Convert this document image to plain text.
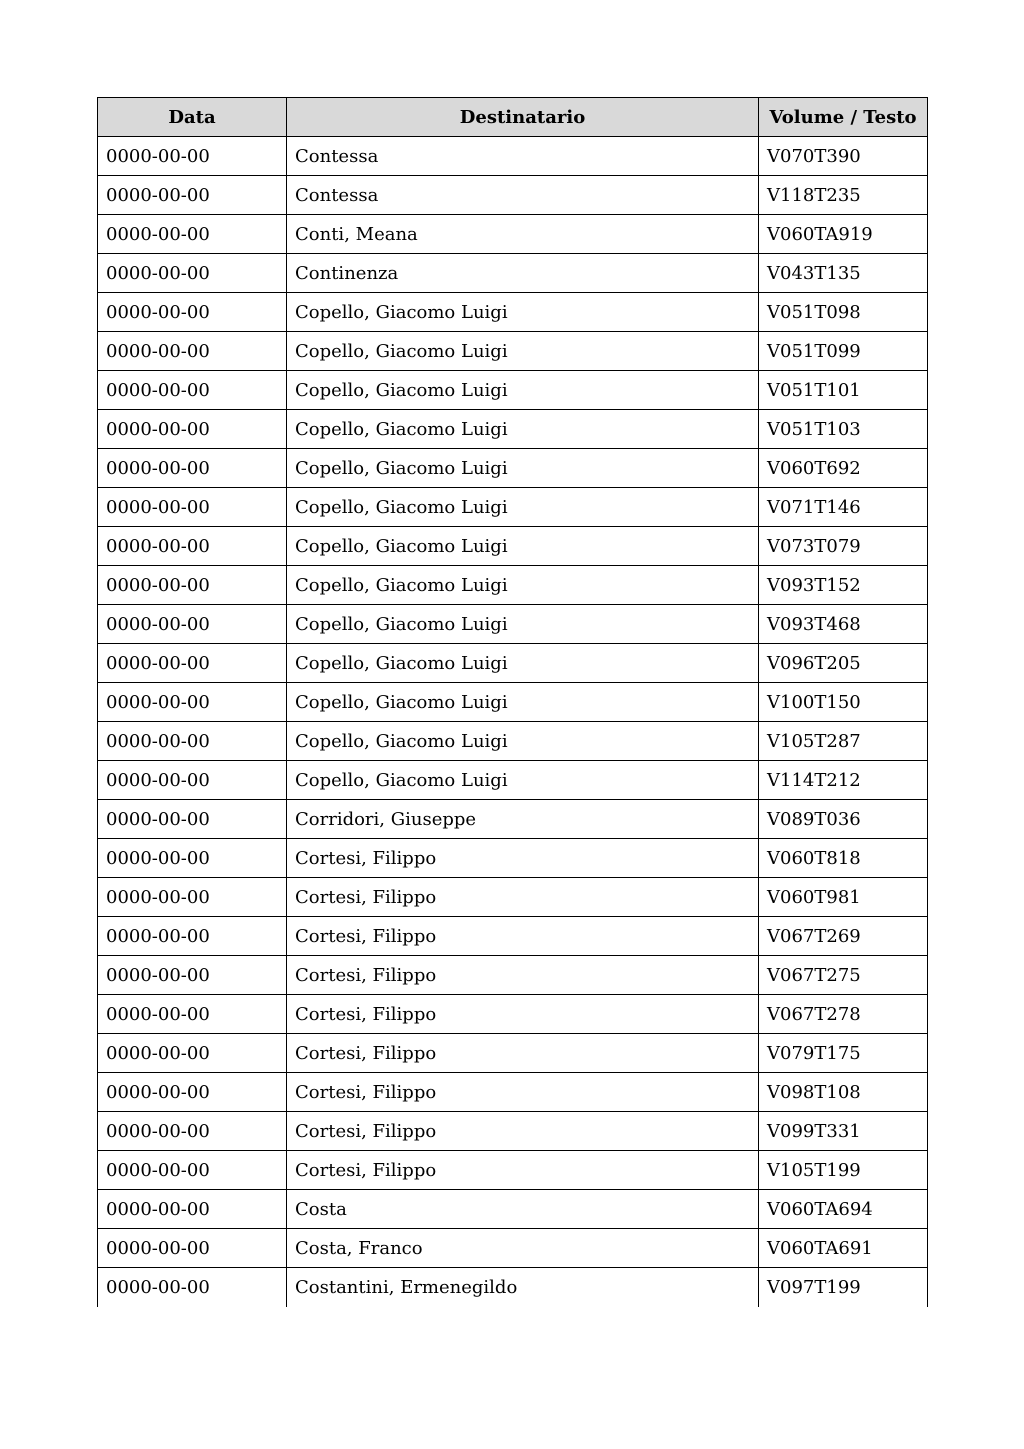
Data	Destinatario	Volume / Testo
0000-00-00	Contessa	V070T390
0000-00-00	Contessa	V118T235
0000-00-00	Conti, Meana	V060TA919
0000-00-00	Continenza	V043T135
0000-00-00	Copello, Giacomo Luigi	V051T098
0000-00-00	Copello, Giacomo Luigi	V051T099
0000-00-00	Copello, Giacomo Luigi	V051T101
0000-00-00	Copello, Giacomo Luigi	V051T103
0000-00-00	Copello, Giacomo Luigi	V060T692
0000-00-00	Copello, Giacomo Luigi	V071T146
0000-00-00	Copello, Giacomo Luigi	V073T079
0000-00-00	Copello, Giacomo Luigi	V093T152
0000-00-00	Copello, Giacomo Luigi	V093T468
0000-00-00	Copello, Giacomo Luigi	V096T205
0000-00-00	Copello, Giacomo Luigi	V100T150
0000-00-00	Copello, Giacomo Luigi	V105T287
0000-00-00	Copello, Giacomo Luigi	V114T212
0000-00-00	Corridori, Giuseppe	V089T036
0000-00-00	Cortesi, Filippo	V060T818
0000-00-00	Cortesi, Filippo	V060T981
0000-00-00	Cortesi, Filippo	V067T269
0000-00-00	Cortesi, Filippo	V067T275
0000-00-00	Cortesi, Filippo	V067T278
0000-00-00	Cortesi, Filippo	V079T175
0000-00-00	Cortesi, Filippo	V098T108
0000-00-00	Cortesi, Filippo	V099T331
0000-00-00	Cortesi, Filippo	V105T199
0000-00-00	Costa	V060TA694
0000-00-00	Costa, Franco	V060TA691
0000-00-00	Costantini, Ermenegildo	V097T199
